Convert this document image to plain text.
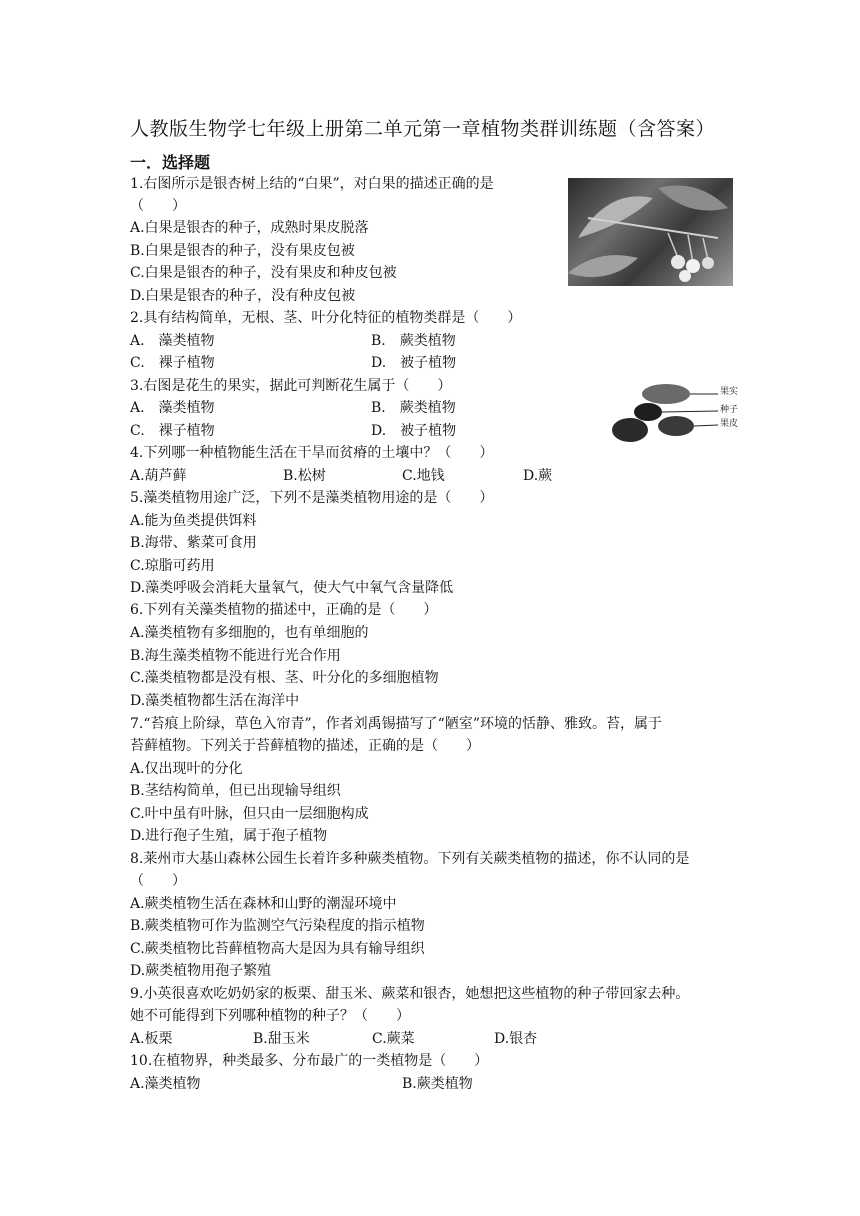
人教版生物学七年级上册第二单元第一章植物类群训练题（含答案）
一．选择题
1.右图所示是银杏树上结的“白果”，对白果的描述正确的是
（　　）
A.白果是银杏的种子，成熟时果皮脱落
B.白果是银杏的种子，没有果皮包被
C.白果是银杏的种子，没有果皮和种皮包被
D.白果是银杏的种子，没有种皮包被
2.具有结构简单，无根、茎、叶分化特征的植物类群是（　　）
A.　藻类植物	B.　蕨类植物
C.　裸子植物	D.　被子植物
3.右图是花生的果实，据此可判断花生属于（　　）
A.　藻类植物	B.　蕨类植物
C.　裸子植物	D.　被子植物
果实
种子
果皮
4.下列哪一种植物能生活在干旱而贫瘠的土壤中？（　　）
A.葫芦藓	B.松树	C.地钱	D.蕨
5.藻类植物用途广泛，下列不是藻类植物用途的是（　　）
A.能为鱼类提供饵料
B.海带、紫菜可食用
C.琼脂可药用
D.藻类呼吸会消耗大量氧气，使大气中氧气含量降低
6.下列有关藻类植物的描述中，正确的是（　　）
A.藻类植物有多细胞的，也有单细胞的
B.海生藻类植物不能进行光合作用
C.藻类植物都是没有根、茎、叶分化的多细胞植物
D.藻类植物都生活在海洋中
7.“苔痕上阶绿，草色入帘青”，作者刘禹锡描写了“陋室”环境的恬静、雅致。苔，属于
苔藓植物。下列关于苔藓植物的描述，正确的是（　　）
A.仅出现叶的分化
B.茎结构简单，但已出现输导组织
C.叶中虽有叶脉，但只由一层细胞构成
D.进行孢子生殖，属于孢子植物
8.莱州市大基山森林公园生长着许多种蕨类植物。下列有关蕨类植物的描述，你不认同的是
（　　）
A.蕨类植物生活在森林和山野的潮湿环境中
B.蕨类植物可作为监测空气污染程度的指示植物
C.蕨类植物比苔藓植物高大是因为具有输导组织
D.蕨类植物用孢子繁殖
9.小英很喜欢吃奶奶家的板栗、甜玉米、蕨菜和银杏，她想把这些植物的种子带回家去种。
她不可能得到下列哪种植物的种子？（　　）
A.板栗	B.甜玉米	C.蕨菜	D.银杏
10.在植物界，种类最多、分布最广的一类植物是（　　）
A.藻类植物	B.蕨类植物
